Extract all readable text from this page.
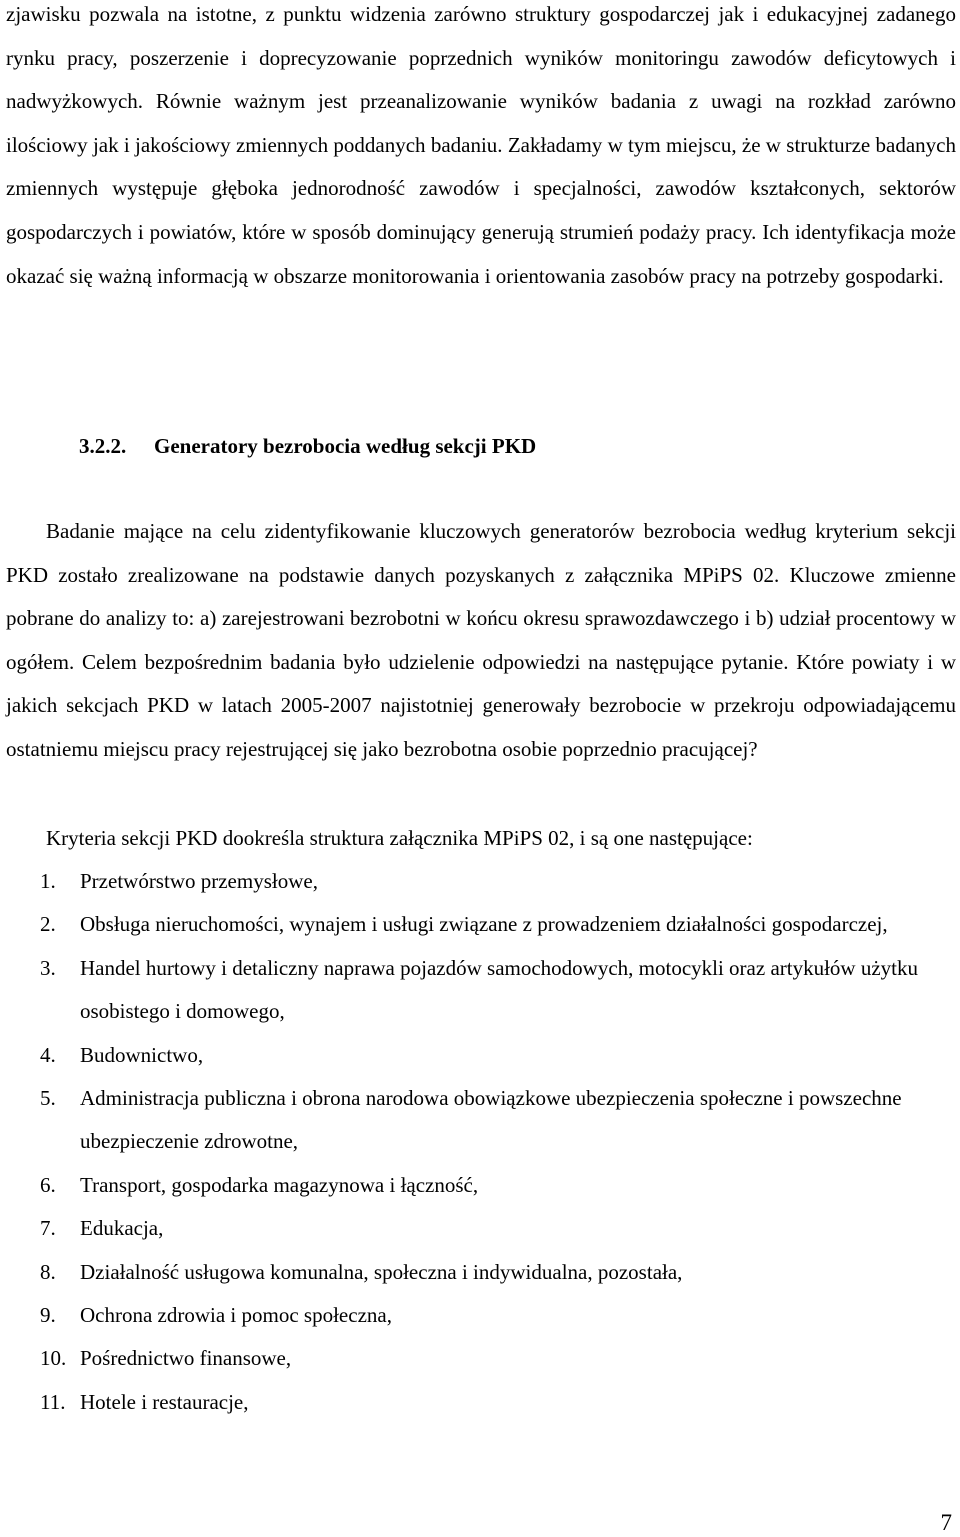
zjawisku pozwala na istotne, z punktu widzenia zarówno struktury gospodarczej jak i edukacyjnej zadanego rynku pracy, poszerzenie i doprecyzowanie poprzednich wyników monitoringu zawodów deficytowych i nadwyżkowych. Równie ważnym jest przeanalizowanie wyników badania z uwagi na rozkład zarówno ilościowy jak i jakościowy zmiennych poddanych badaniu. Zakładamy w tym miejscu, że w strukturze badanych zmiennych występuje głęboka jednorodność zawodów i specjalności, zawodów kształconych, sektorów gospodarczych i powiatów, które w sposób dominujący generują strumień podaży pracy. Ich identyfikacja może okazać się ważną informacją w obszarze monitorowania i orientowania zasobów pracy na potrzeby gospodarki.

3.2.2. Generatory bezrobocia według sekcji PKD

Badanie mające na celu zidentyfikowanie kluczowych generatorów bezrobocia według kryterium sekcji PKD zostało zrealizowane na podstawie danych pozyskanych z załącznika MPiPS 02. Kluczowe zmienne pobrane do analizy to: a) zarejestrowani bezrobotni w końcu okresu sprawozdawczego i b) udział procentowy w ogółem. Celem bezpośrednim badania było udzielenie odpowiedzi na następujące pytanie. Które powiaty i w jakich sekcjach PKD w latach 2005-2007 najistotniej generowały bezrobocie w przekroju odpowiadającemu ostatniemu miejscu pracy rejestrującej się jako bezrobotna osobie poprzednio pracującej?

Kryteria sekcji PKD dookreśla struktura załącznika MPiPS 02, i są one następujące:

1.	Przetwórstwo przemysłowe,
2.	Obsługa nieruchomości, wynajem i usługi związane z prowadzeniem działalności gospodarczej,
3.	Handel hurtowy i detaliczny naprawa pojazdów samochodowych, motocykli oraz artykułów użytku osobistego i domowego,
4.	Budownictwo,
5.	Administracja publiczna i obrona narodowa obowiązkowe ubezpieczenia społeczne i powszechne ubezpieczenie zdrowotne,
6.	Transport, gospodarka magazynowa i łączność,
7.	Edukacja,
8.	Działalność usługowa komunalna, społeczna i indywidualna, pozostała,
9.	Ochrona zdrowia i pomoc społeczna,
10. Pośrednictwo finansowe,
11. Hotele i restauracje,
7
